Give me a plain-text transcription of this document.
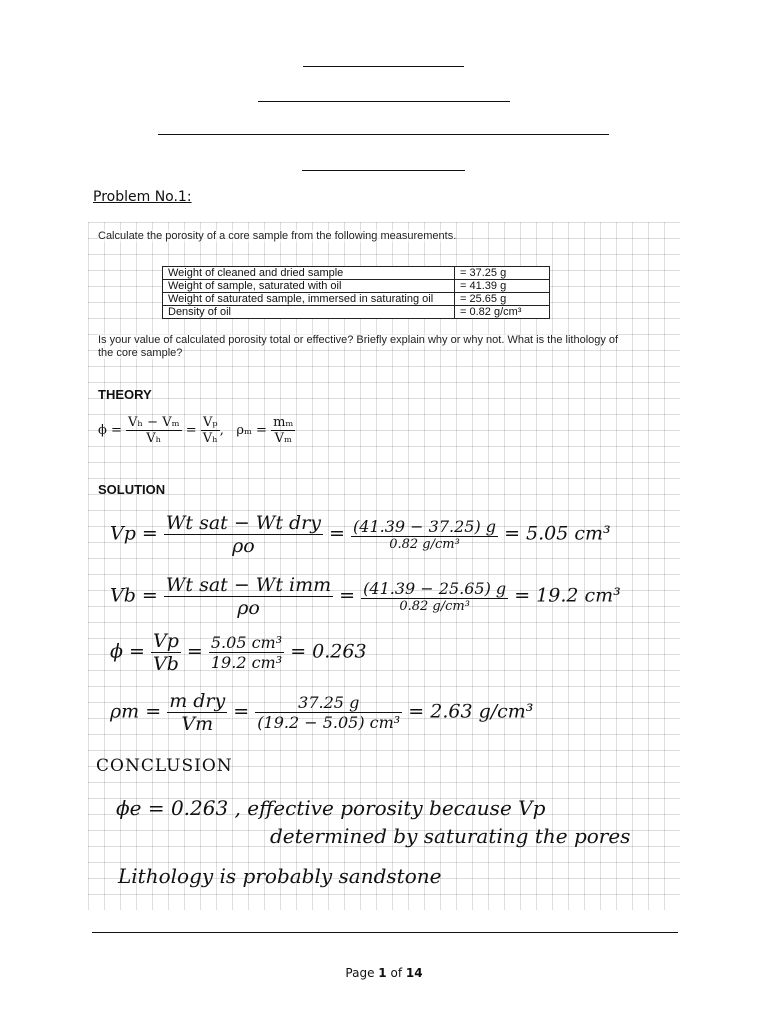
Problem No.1:
Calculate the porosity of a core sample from the following measurements.
Weight of cleaned and dried sample	= 37.25 g
Weight of sample, saturated with oil	= 41.39 g
Weight of saturated sample, immersed in saturating oil	= 25.65 g
Density of oil	= 0.82 g/cm³
Is your value of calculated porosity total or effective? Briefly explain why or why not. What is the lithology of
the core sample?
THEORY
$\phi = \frac{\text{Vₕ − Vₘ}}{\text{Vₕ}} = \frac{\text{Vₚ}}{\text{Vₕ}}$ , $\rho_m = \frac{\text{mₘ}}{\text{Vₘ}}$
SOLUTION
$Vp = \frac{\text{Wt sat − Wt dry}}{\rho o} = \frac{(41.39 - 37.25) g}{\text{0.82 g/cm³}} = 5.05$ cm³
$Vb = \frac{\text{Wt sat − Wt imm}}{\rho o} = \frac{(41.39 - 25.65) g}{\text{0.82 g/cm³}} = 19.2$ cm³
$\phi = \frac{Vp}{Vb} = \frac{\text{5.05 cm³}}{\text{19.2 cm³}} = 0.263$
$\rho m = \frac{\text{m dry}}{Vm} = \frac{37.25 g}{\text{(19.2 − 5.05) cm³}} = 2.63$ g/cm³
CONCLUSION
ϕe = 0.263 , effective porosity because Vp
determined by saturating the pores
Lithology is probably sandstone
Page 1 of 14
